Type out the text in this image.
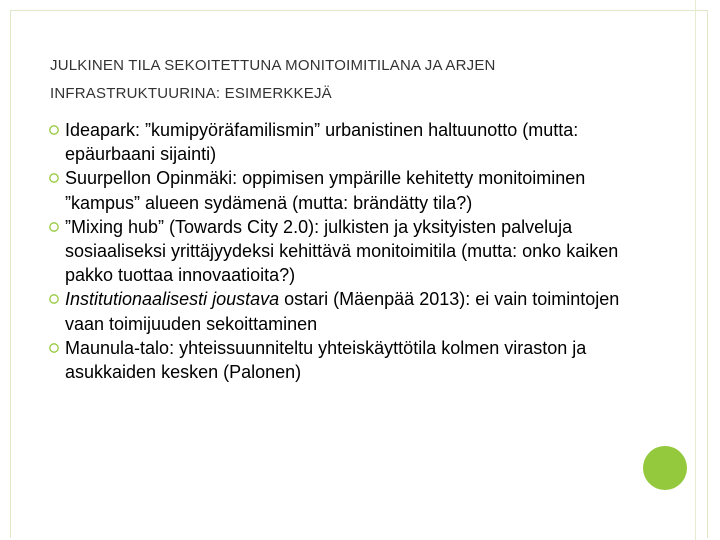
JULKINEN TILA SEKOITETTUNA MONITOIMITILANA JA ARJEN
INFRASTRUKTUURINA: ESIMERKKEJÄ
Ideapark: ”kumipyöräfamilismin” urbanistinen haltuunotto (mutta: epäurbaani sijainti)
Suurpellon Opinmäki: oppimisen ympärille kehitetty monitoiminen ”kampus” alueen sydämenä (mutta: brändätty tila?)
”Mixing hub” (Towards City 2.0): julkisten ja yksityisten palveluja sosiaaliseksi yrittäjyydeksi kehittävä monitoimitila (mutta: onko kaiken pakko tuottaa innovaatioita?)
Institutionaalisesti joustava ostari (Mäenpää 2013): ei vain toimintojen vaan toimijuuden sekoittaminen
Maunula-talo: yhteissuunniteltu yhteiskäyttötila kolmen viraston ja asukkaiden kesken (Palonen)
